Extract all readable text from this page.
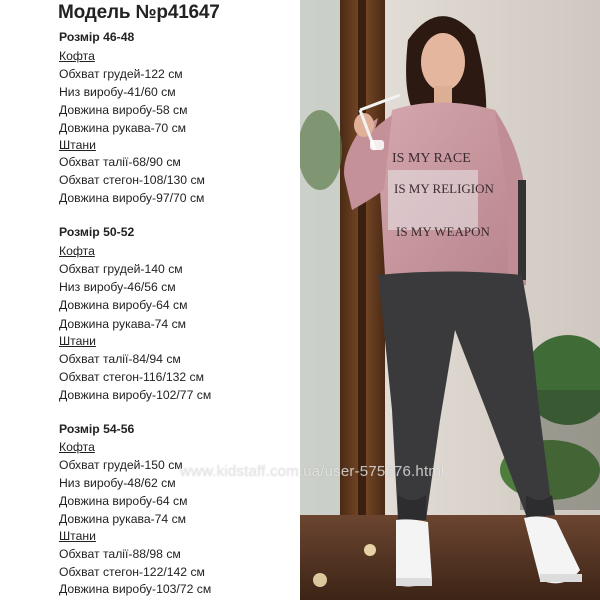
Модель №р41647
Розмір 46-48
Кофта
Обхват грудей-122 см
Низ виробу-41/60 см
Довжина виробу-58 см
Довжина рукава-70 см
Штани
Обхват талії-68/90 см
Обхват стегон-108/130 см
Довжина виробу-97/70 см
Розмір 50-52
Кофта
Обхват грудей-140 см
Низ виробу-46/56 см
Довжина виробу-64 см
Довжина рукава-74 см
Штани
Обхват талії-84/94 см
Обхват стегон-116/132 см
Довжина виробу-102/77 см
Розмір 54-56
Кофта
Обхват грудей-150 см
Низ виробу-48/62 см
Довжина виробу-64 см
Довжина рукава-74 см
Штани
Обхват талії-88/98 см
Обхват стегон-122/142 см
Довжина виробу-103/72 см
IS MY RACE
IS MY RELIGION
IS MY WEAPON
www.kidstaff.com.ua/user-575676.html
